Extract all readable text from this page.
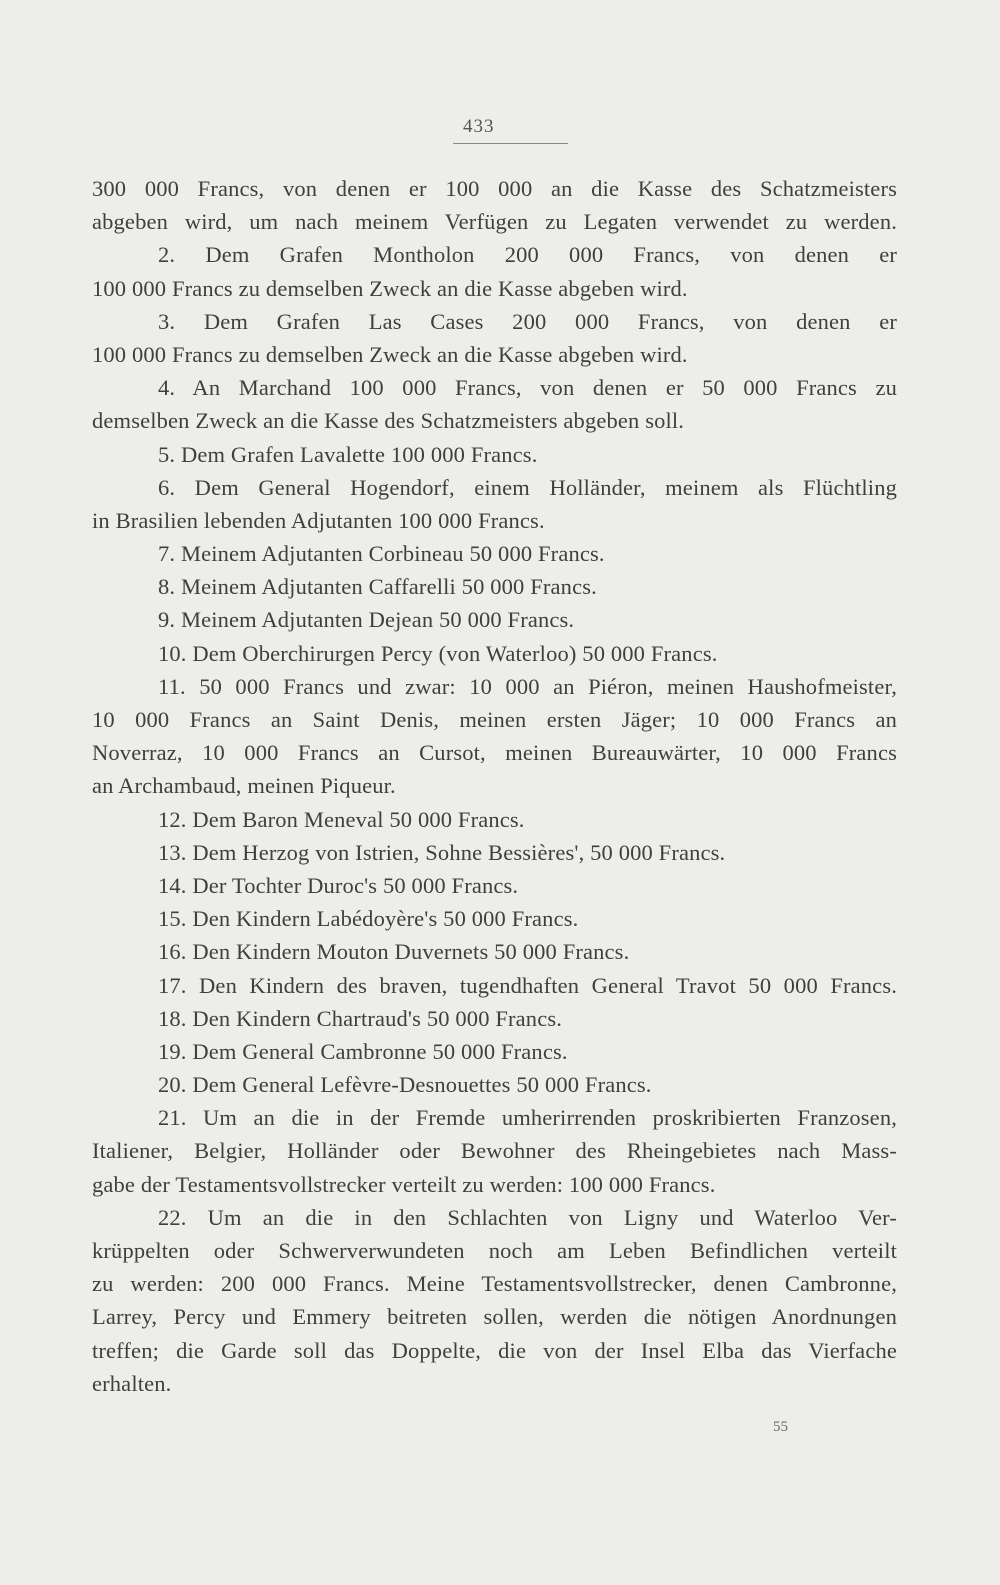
433
300 000 Francs, von denen er 100 000 an die Kasse des Schatzmeisters
abgeben wird, um nach meinem Verfügen zu Legaten verwendet zu werden.
2. Dem Grafen Montholon 200 000 Francs, von denen er
100 000 Francs zu demselben Zweck an die Kasse abgeben wird.
3. Dem Grafen Las Cases 200 000 Francs, von denen er
100 000 Francs zu demselben Zweck an die Kasse abgeben wird.
4. An Marchand 100 000 Francs, von denen er 50 000 Francs zu
demselben Zweck an die Kasse des Schatzmeisters abgeben soll.
5. Dem Grafen Lavalette 100 000 Francs.
6. Dem General Hogendorf, einem Holländer, meinem als Flüchtling
in Brasilien lebenden Adjutanten 100 000 Francs.
7. Meinem Adjutanten Corbineau 50 000 Francs.
8. Meinem Adjutanten Caffarelli 50 000 Francs.
9. Meinem Adjutanten Dejean 50 000 Francs.
10. Dem Oberchirurgen Percy (von Waterloo) 50 000 Francs.
11. 50 000 Francs und zwar: 10 000 an Piéron, meinen Haushofmeister,
10 000 Francs an Saint Denis, meinen ersten Jäger; 10 000 Francs an
Noverraz, 10 000 Francs an Cursot, meinen Bureauwärter, 10 000 Francs
an Archambaud, meinen Piqueur.
12. Dem Baron Meneval 50 000 Francs.
13. Dem Herzog von Istrien, Sohne Bessières', 50 000 Francs.
14. Der Tochter Duroc's 50 000 Francs.
15. Den Kindern Labédoyère's 50 000 Francs.
16. Den Kindern Mouton Duvernets 50 000 Francs.
17. Den Kindern des braven, tugendhaften General Travot 50 000 Francs.
18. Den Kindern Chartraud's 50 000 Francs.
19. Dem General Cambronne 50 000 Francs.
20. Dem General Lefèvre-Desnouettes 50 000 Francs.
21. Um an die in der Fremde umherirrenden proskribierten Franzosen,
Italiener, Belgier, Holländer oder Bewohner des Rheingebietes nach Mass-
gabe der Testamentsvollstrecker verteilt zu werden: 100 000 Francs.
22. Um an die in den Schlachten von Ligny und Waterloo Ver-
krüppelten oder Schwerverwundeten noch am Leben Befindlichen verteilt
zu werden: 200 000 Francs. Meine Testamentsvollstrecker, denen Cambronne,
Larrey, Percy und Emmery beitreten sollen, werden die nötigen Anordnungen
treffen; die Garde soll das Doppelte, die von der Insel Elba das Vierfache
erhalten.
55
